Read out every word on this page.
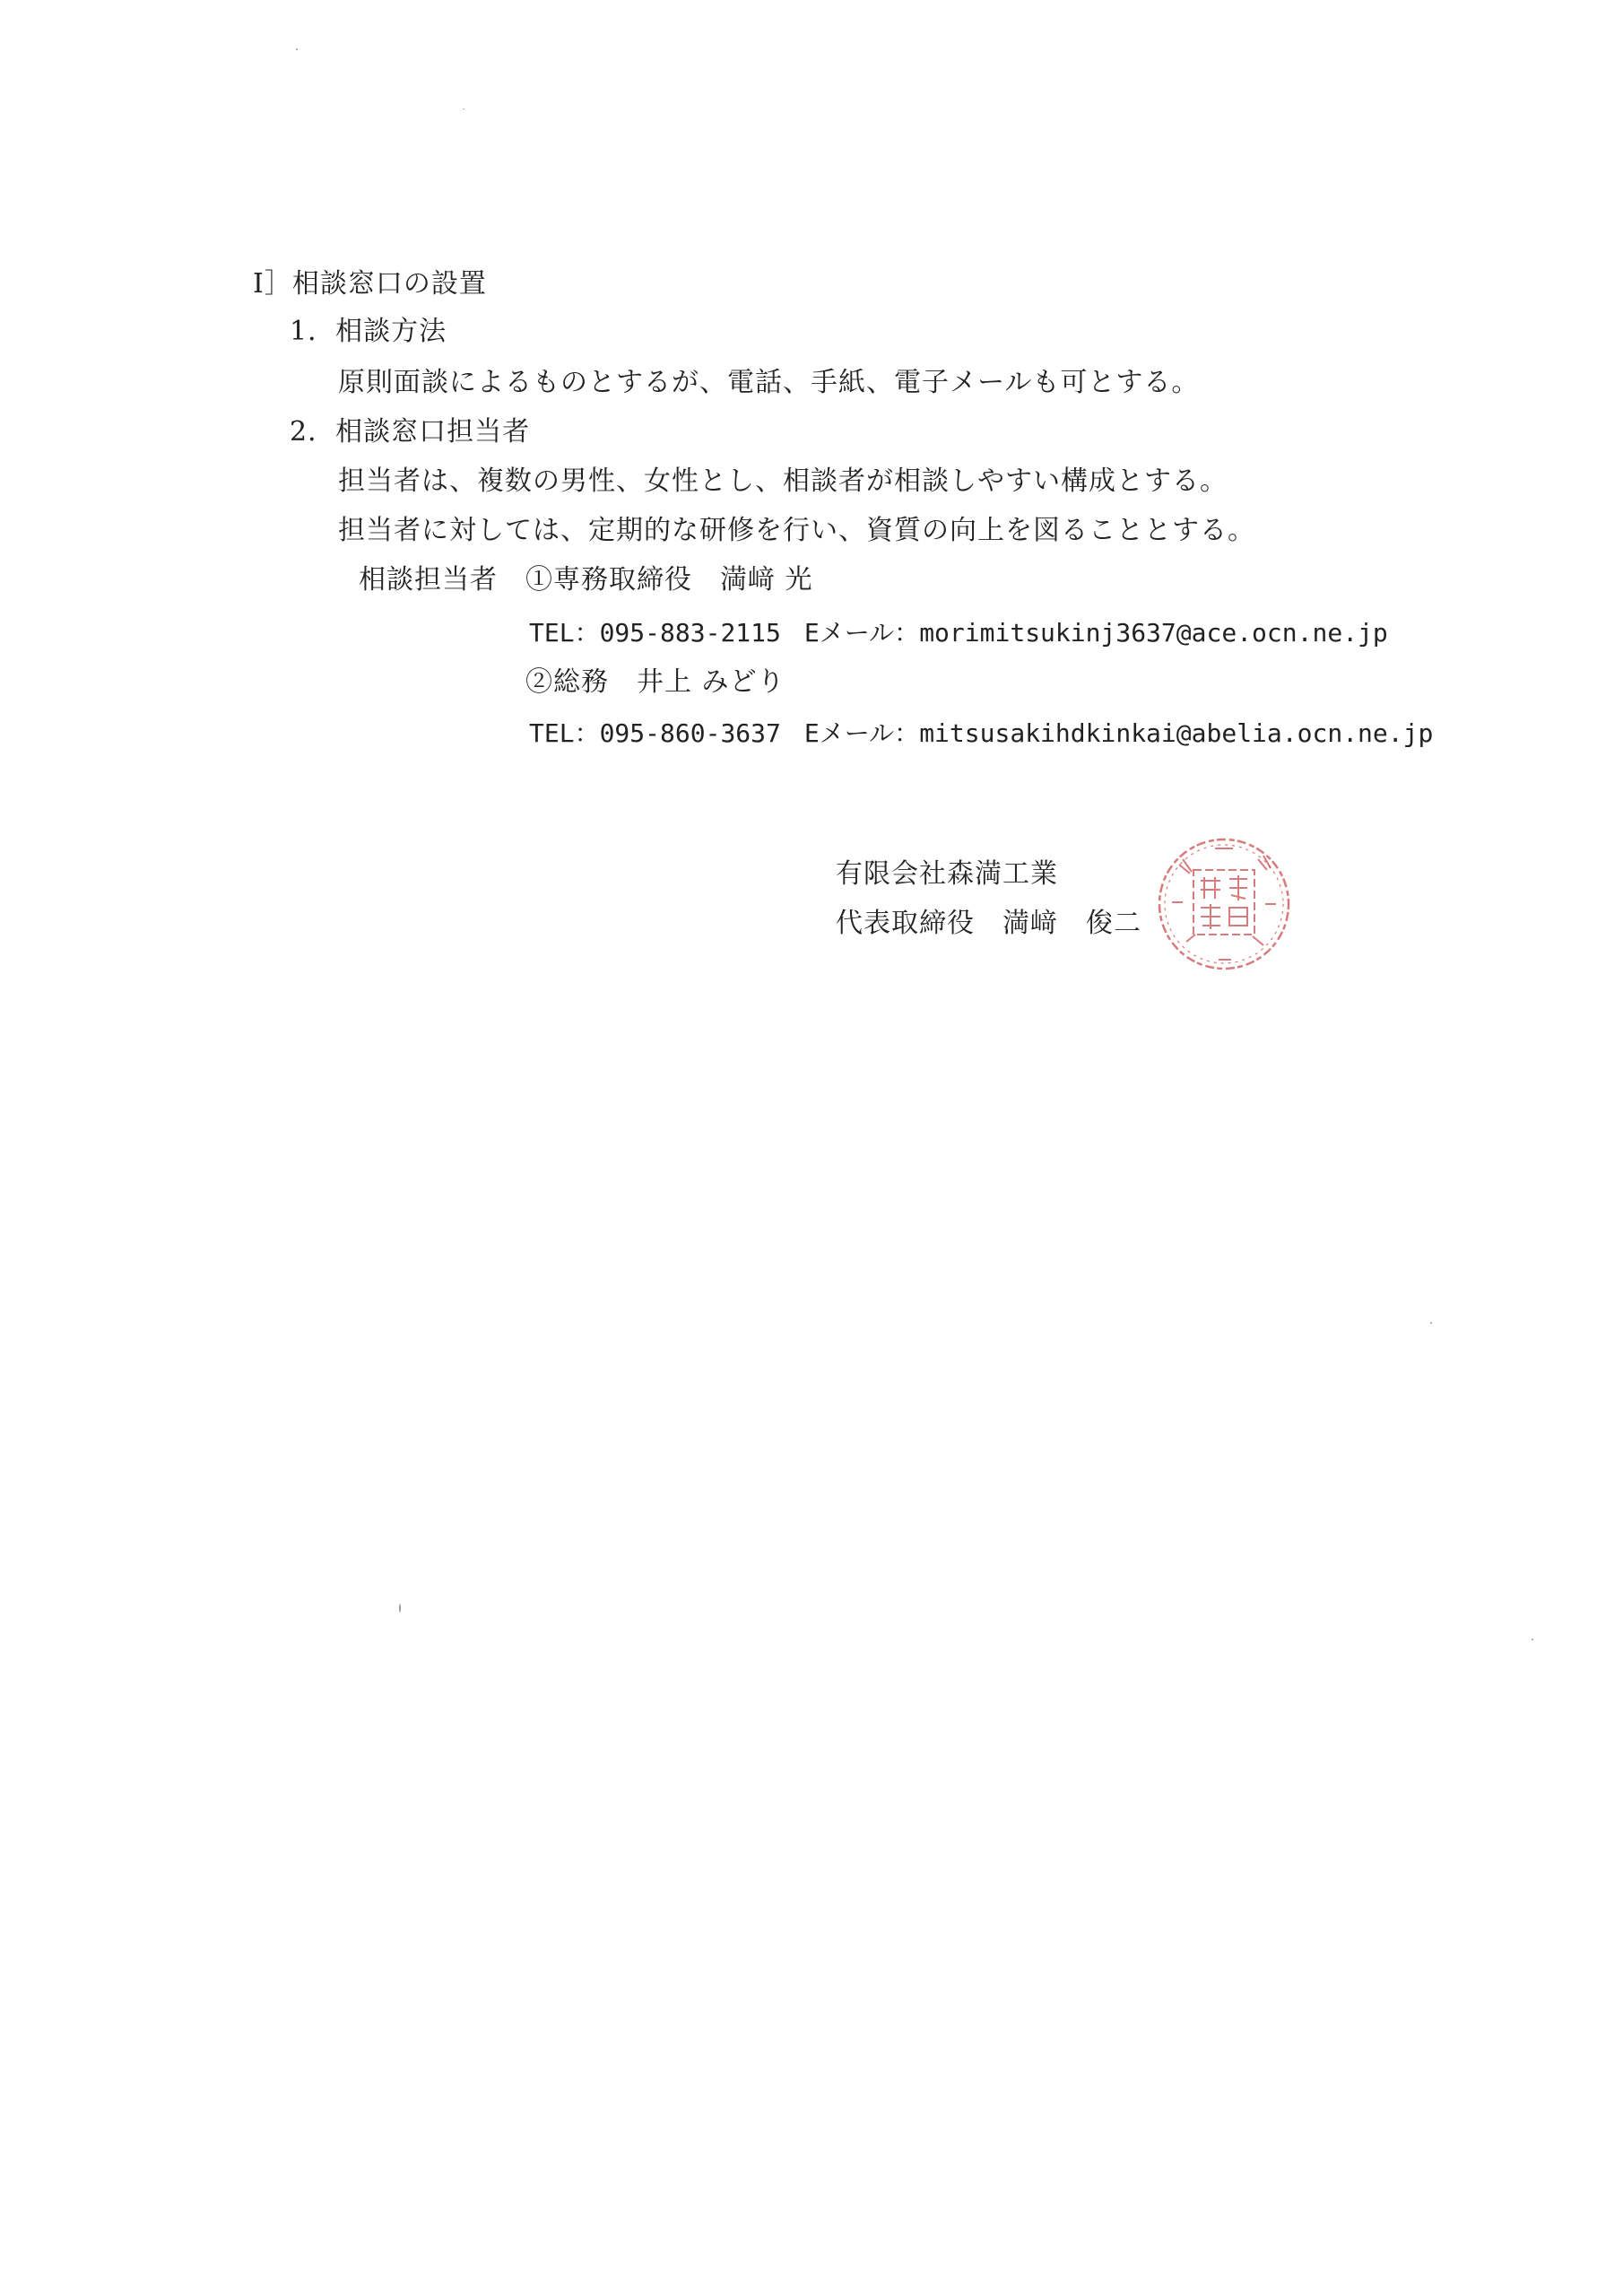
I］相談窓口の設置
1．相談方法
原則面談によるものとするが、電話、手紙、電子メールも可とする。
2．相談窓口担当者
担当者は、複数の男性、女性とし、相談者が相談しやすい構成とする。
担当者に対しては、定期的な研修を行い、資質の向上を図ることとする。
相談担当者 ①専務取締役　満﨑 光
TEL：095-883-2115 Eメール：morimitsukinj3637@ace.ocn.ne.jp
②総務　井上 みどり
TEL：095-860-3637 Eメール：mitsusakihdkinkai@abelia.ocn.ne.jp
有限会社森満工業
代表取締役　満﨑　俊二
